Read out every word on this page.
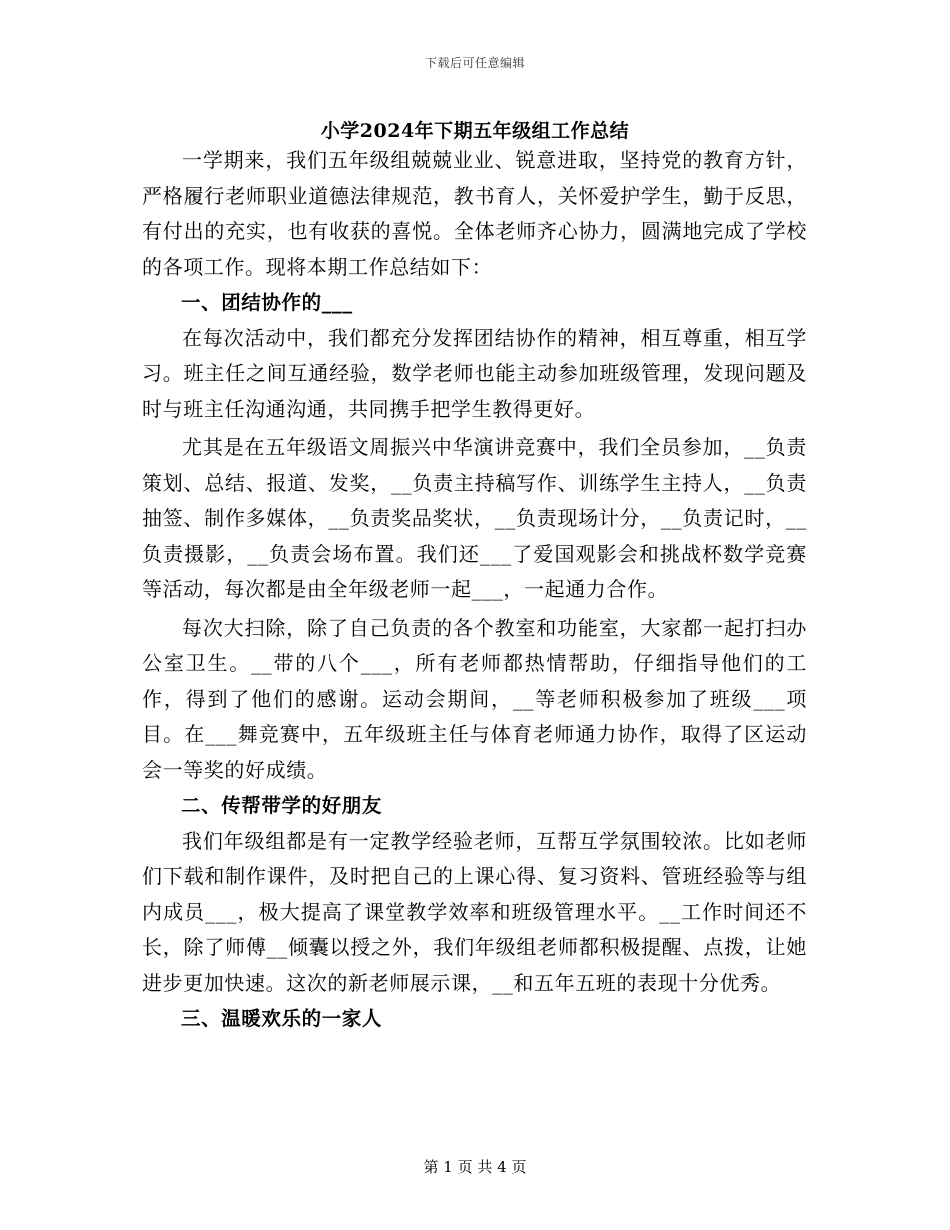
下载后可任意编辑
小学2024年下期五年级组工作总结

一学期来，我们五年级组兢兢业业、锐意进取，坚持党的教育方针，严格履行老师职业道德法律规范，教书育人，关怀爱护学生，勤于反思，有付出的充实，也有收获的喜悦。全体老师齐心协力，圆满地完成了学校的各项工作。现将本期工作总结如下：

一、团结协作的___

在每次活动中，我们都充分发挥团结协作的精神，相互尊重，相互学习。班主任之间互通经验，数学老师也能主动参加班级管理，发现问题及时与班主任沟通沟通，共同携手把学生教得更好。

尤其是在五年级语文周振兴中华演讲竞赛中，我们全员参加，__负责策划、总结、报道、发奖，__负责主持稿写作、训练学生主持人，__负责抽签、制作多媒体，__负责奖品奖状，__负责现场计分，__负责记时，__负责摄影，__负责会场布置。我们还___了爱国观影会和挑战杯数学竞赛等活动，每次都是由全年级老师一起___，一起通力合作。

每次大扫除，除了自己负责的各个教室和功能室，大家都一起打扫办公室卫生。__带的八个___，所有老师都热情帮助，仔细指导他们的工作，得到了他们的感谢。运动会期间，__等老师积极参加了班级___项目。在___舞竞赛中，五年级班主任与体育老师通力协作，取得了区运动会一等奖的好成绩。

二、传帮带学的好朋友

我们年级组都是有一定教学经验老师，互帮互学氛围较浓。比如老师们下载和制作课件，及时把自己的上课心得、复习资料、管班经验等与组内成员___，极大提高了课堂教学效率和班级管理水平。__工作时间还不长，除了师傅__倾囊以授之外，我们年级组老师都积极提醒、点拨，让她进步更加快速。这次的新老师展示课，__和五年五班的表现十分优秀。

三、温暖欢乐的一家人

第 1 页 共 4 页
